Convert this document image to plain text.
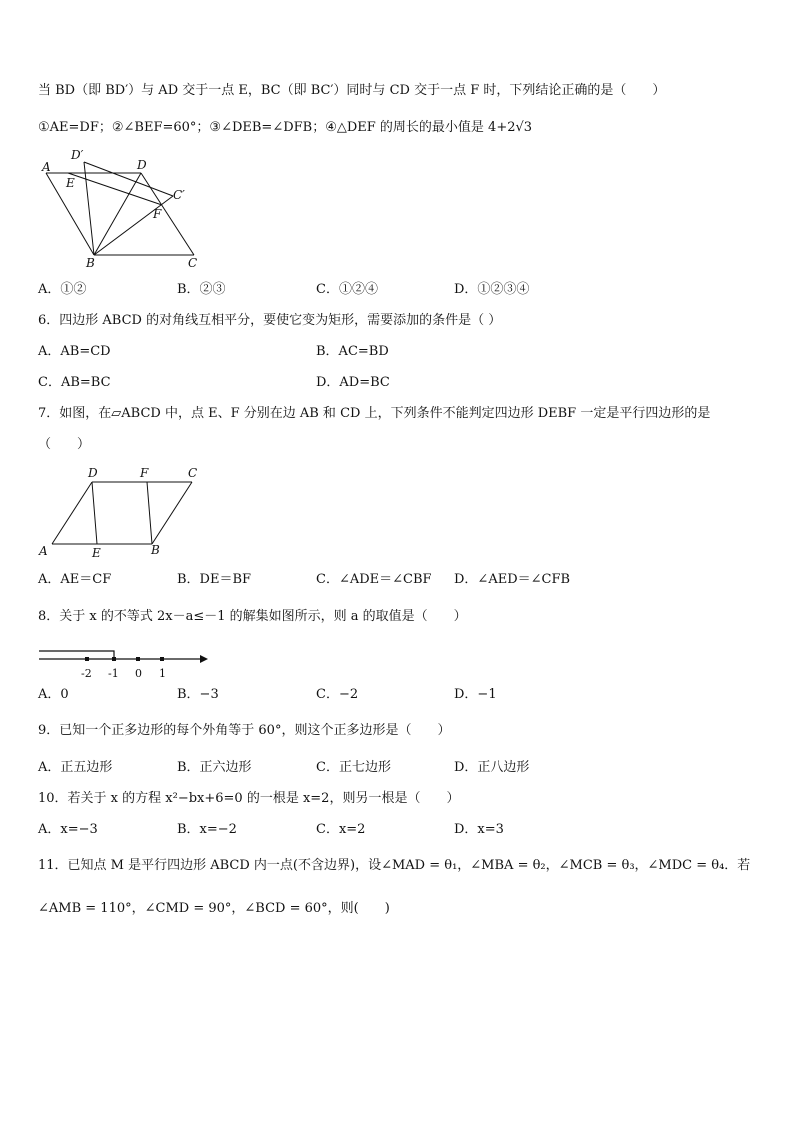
当 BD（即 BD′）与 AD 交于一点 E，BC（即 BC′）同时与 CD 交于一点 F 时，下列结论正确的是（　　）
①AE=DF；②∠BEF=60°；③∠DEB=∠DFB；④△DEF 的周长的最小值是 4+2√3
A
D′
D
E
C′
F
B	C
A．①②	B．②③	C．①②④	D．①②③④
6．四边形 ABCD 的对角线互相平分，要使它变为矩形，需要添加的条件是（ ）
A．AB=CD	B．AC=BD
C．AB=BC	D．AD=BC
7．如图，在▱ABCD 中，点 E、F 分别在边 AB 和 CD 上，下列条件不能判定四边形 DEBF 一定是平行四边形的是
（　　）
D	F	C
A	E	B
A．AE＝CF	B．DE＝BF	C．∠ADE＝∠CBF D．∠AED＝∠CFB
8．关于 x 的不等式 2x－a≤－1 的解集如图所示，则 a 的取值是（　　）
-2 -1 0 1
A．0	B．−3	C．−2	D．−1
9．已知一个正多边形的每个外角等于 60°，则这个正多边形是（　　）
A．正五边形	B．正六边形	C．正七边形	D．正八边形
10．若关于 x 的方程 x²−bx+6=0 的一根是 x=2，则另一根是（　　）
A．x=−3	B．x=−2	C．x=2	D．x=3
11．已知点 M 是平行四边形 ABCD 内一点(不含边界)，设∠MAD = θ₁，∠MBA = θ₂，∠MCB = θ₃，∠MDC = θ₄．若
∠AMB = 110°，∠CMD = 90°，∠BCD = 60°，则(　　)
